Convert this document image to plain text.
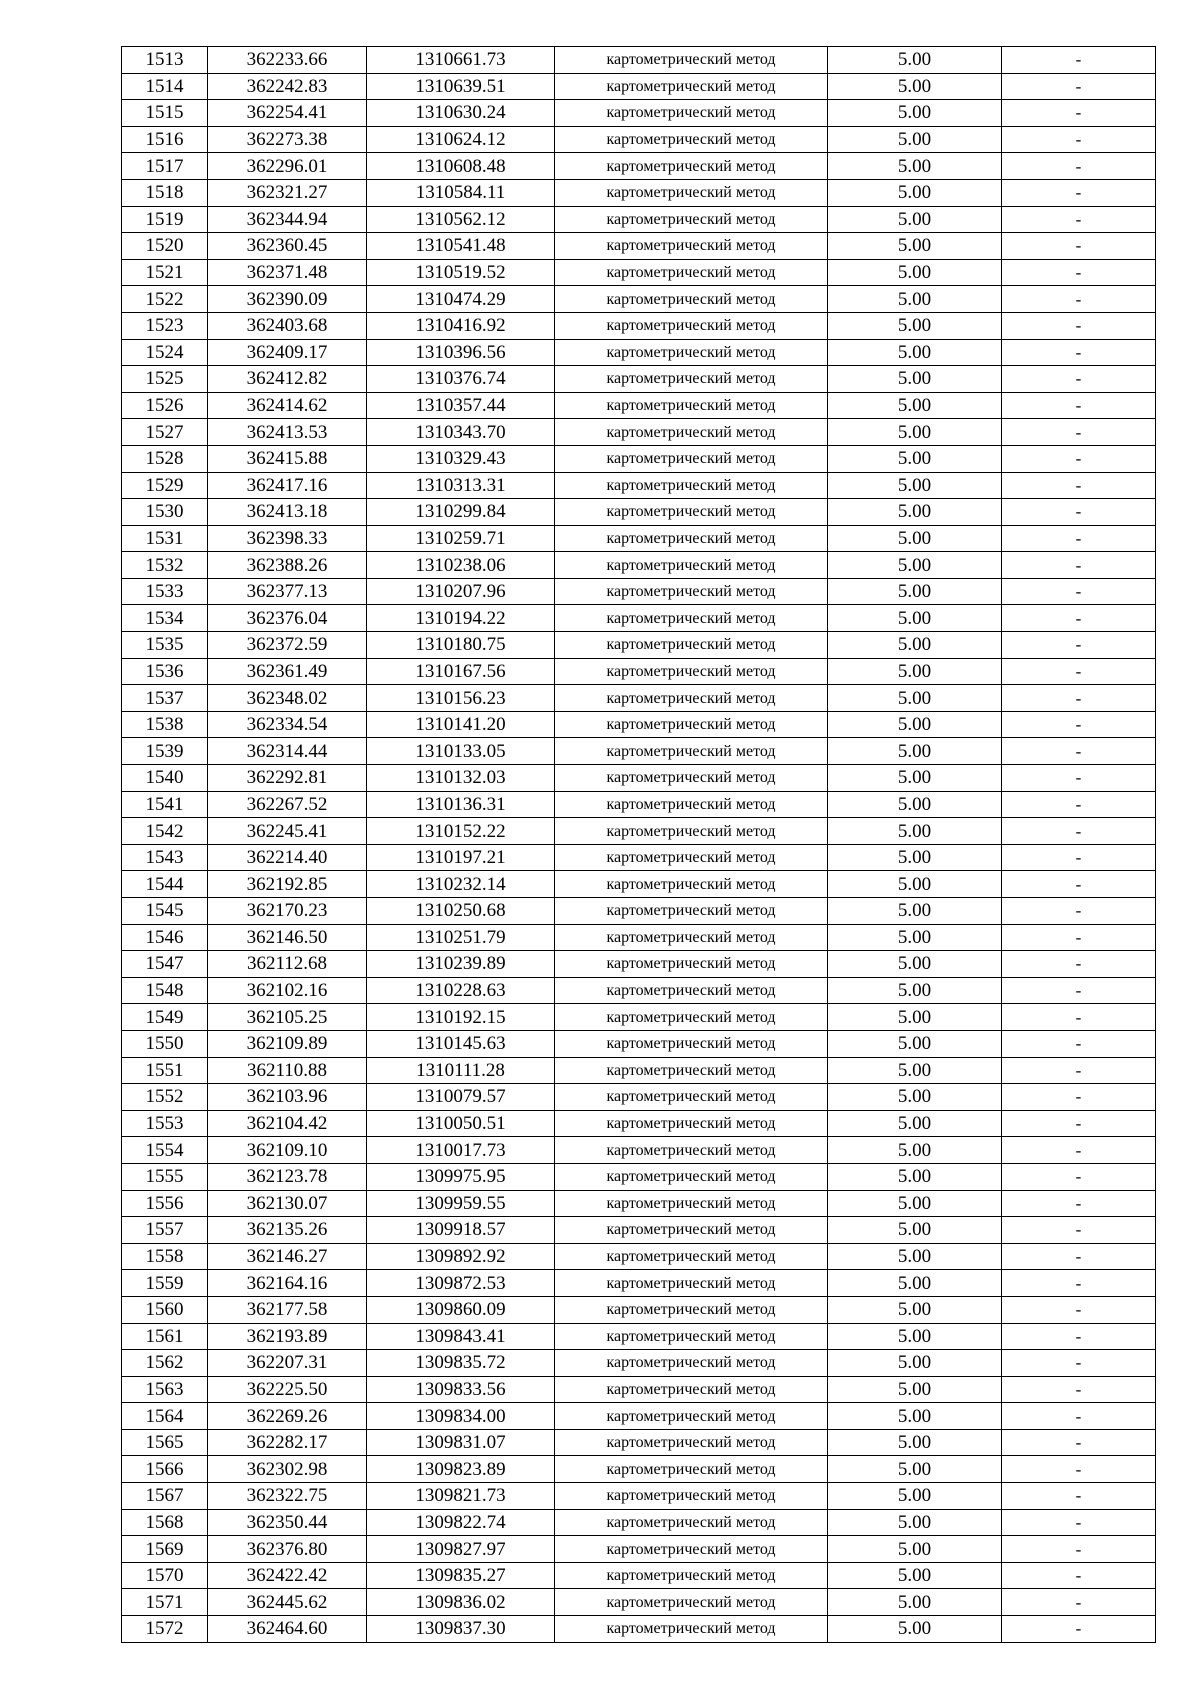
1513	362233.66	1310661.73	картометрический метод	5.00	-
1514	362242.83	1310639.51	картометрический метод	5.00	-
1515	362254.41	1310630.24	картометрический метод	5.00	-
1516	362273.38	1310624.12	картометрический метод	5.00	-
1517	362296.01	1310608.48	картометрический метод	5.00	-
1518	362321.27	1310584.11	картометрический метод	5.00	-
1519	362344.94	1310562.12	картометрический метод	5.00	-
1520	362360.45	1310541.48	картометрический метод	5.00	-
1521	362371.48	1310519.52	картометрический метод	5.00	-
1522	362390.09	1310474.29	картометрический метод	5.00	-
1523	362403.68	1310416.92	картометрический метод	5.00	-
1524	362409.17	1310396.56	картометрический метод	5.00	-
1525	362412.82	1310376.74	картометрический метод	5.00	-
1526	362414.62	1310357.44	картометрический метод	5.00	-
1527	362413.53	1310343.70	картометрический метод	5.00	-
1528	362415.88	1310329.43	картометрический метод	5.00	-
1529	362417.16	1310313.31	картометрический метод	5.00	-
1530	362413.18	1310299.84	картометрический метод	5.00	-
1531	362398.33	1310259.71	картометрический метод	5.00	-
1532	362388.26	1310238.06	картометрический метод	5.00	-
1533	362377.13	1310207.96	картометрический метод	5.00	-
1534	362376.04	1310194.22	картометрический метод	5.00	-
1535	362372.59	1310180.75	картометрический метод	5.00	-
1536	362361.49	1310167.56	картометрический метод	5.00	-
1537	362348.02	1310156.23	картометрический метод	5.00	-
1538	362334.54	1310141.20	картометрический метод	5.00	-
1539	362314.44	1310133.05	картометрический метод	5.00	-
1540	362292.81	1310132.03	картометрический метод	5.00	-
1541	362267.52	1310136.31	картометрический метод	5.00	-
1542	362245.41	1310152.22	картометрический метод	5.00	-
1543	362214.40	1310197.21	картометрический метод	5.00	-
1544	362192.85	1310232.14	картометрический метод	5.00	-
1545	362170.23	1310250.68	картометрический метод	5.00	-
1546	362146.50	1310251.79	картометрический метод	5.00	-
1547	362112.68	1310239.89	картометрический метод	5.00	-
1548	362102.16	1310228.63	картометрический метод	5.00	-
1549	362105.25	1310192.15	картометрический метод	5.00	-
1550	362109.89	1310145.63	картометрический метод	5.00	-
1551	362110.88	1310111.28	картометрический метод	5.00	-
1552	362103.96	1310079.57	картометрический метод	5.00	-
1553	362104.42	1310050.51	картометрический метод	5.00	-
1554	362109.10	1310017.73	картометрический метод	5.00	-
1555	362123.78	1309975.95	картометрический метод	5.00	-
1556	362130.07	1309959.55	картометрический метод	5.00	-
1557	362135.26	1309918.57	картометрический метод	5.00	-
1558	362146.27	1309892.92	картометрический метод	5.00	-
1559	362164.16	1309872.53	картометрический метод	5.00	-
1560	362177.58	1309860.09	картометрический метод	5.00	-
1561	362193.89	1309843.41	картометрический метод	5.00	-
1562	362207.31	1309835.72	картометрический метод	5.00	-
1563	362225.50	1309833.56	картометрический метод	5.00	-
1564	362269.26	1309834.00	картометрический метод	5.00	-
1565	362282.17	1309831.07	картометрический метод	5.00	-
1566	362302.98	1309823.89	картометрический метод	5.00	-
1567	362322.75	1309821.73	картометрический метод	5.00	-
1568	362350.44	1309822.74	картометрический метод	5.00	-
1569	362376.80	1309827.97	картометрический метод	5.00	-
1570	362422.42	1309835.27	картометрический метод	5.00	-
1571	362445.62	1309836.02	картометрический метод	5.00	-
1572	362464.60	1309837.30	картометрический метод	5.00	-
